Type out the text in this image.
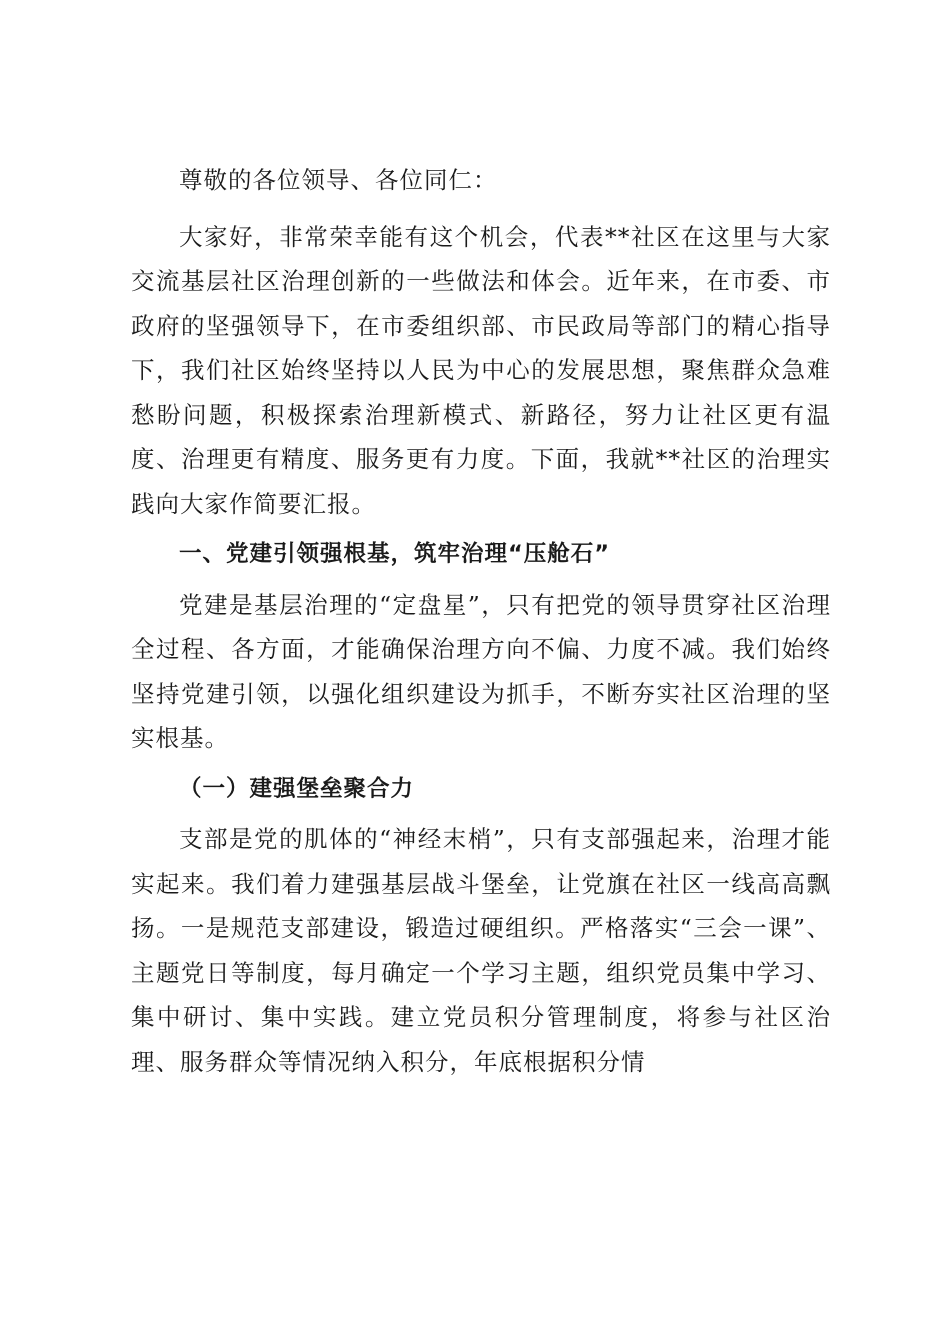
尊敬的各位领导、各位同仁：

大家好，非常荣幸能有这个机会，代表**社区在这里与大家交流基层社区治理创新的一些做法和体会。近年来，在市委、市政府的坚强领导下，在市委组织部、市民政局等部门的精心指导下，我们社区始终坚持以人民为中心的发展思想，聚焦群众急难愁盼问题，积极探索治理新模式、新路径，努力让社区更有温度、治理更有精度、服务更有力度。下面，我就**社区的治理实践向大家作简要汇报。

一、党建引领强根基，筑牢治理“压舱石”

党建是基层治理的“定盘星”，只有把党的领导贯穿社区治理全过程、各方面，才能确保治理方向不偏、力度不减。我们始终坚持党建引领，以强化组织建设为抓手，不断夯实社区治理的坚实根基。

（一）建强堡垒聚合力

支部是党的肌体的“神经末梢”，只有支部强起来，治理才能实起来。我们着力建强基层战斗堡垒，让党旗在社区一线高高飘扬。一是规范支部建设，锻造过硬组织。严格落实“三会一课”、主题党日等制度，每月确定一个学习主题，组织党员集中学习、集中研讨、集中实践。建立党员积分管理制度，将参与社区治理、服务群众等情况纳入积分，年底根据积分情
